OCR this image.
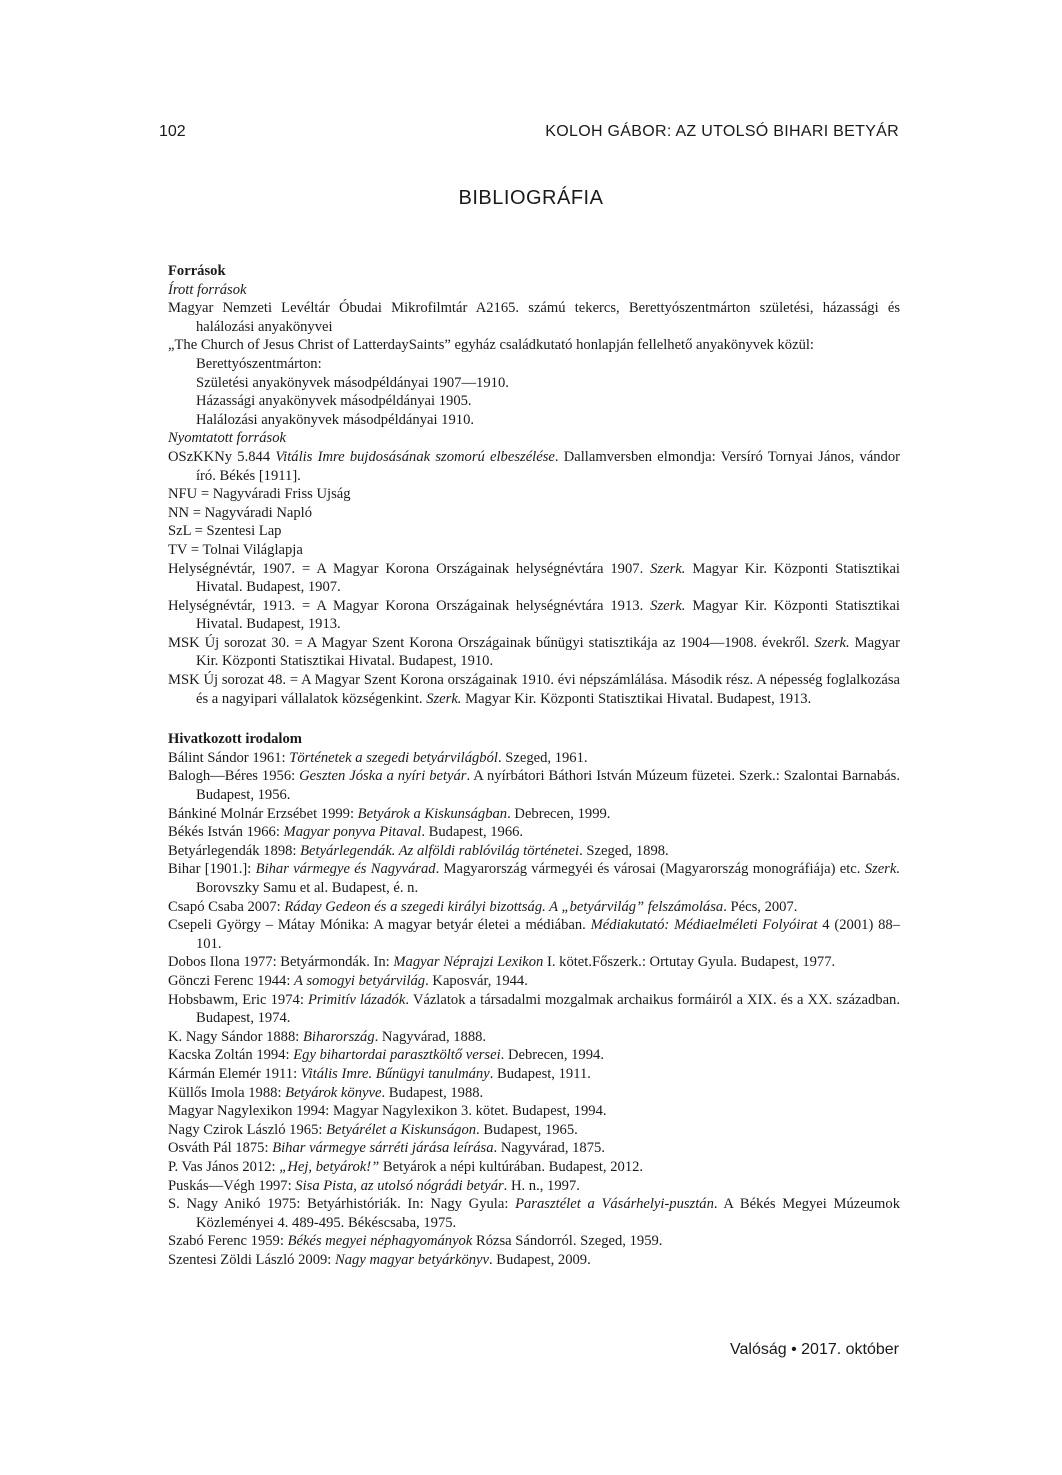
102	KOLOH GÁBOR: AZ UTOLSÓ BIHARI BETYÁR
BIBLIOGRÁFIA
Források
Írott források
Magyar Nemzeti Levéltár Óbudai Mikrofilmtár A2165. számú tekercs, Berettyószentmárton születési, házassági és halálozási anyakönyvei
„The Church of Jesus Christ of LatterdaySaints” egyház családkutató honlapján fellelhető anyakönyvek közül:
Berettyószentmárton:
Születési anyakönyvek másodpéldányai 1907—1910.
Házassági anyakönyvek másodpéldányai 1905.
Halálozási anyakönyvek másodpéldányai 1910.
Nyomtatott források
OSzKKNy 5.844 Vitális Imre bujdosásának szomorú elbeszélése. Dallamversben elmondja: Versíró Tornyai János, vándor író. Békés [1911].
NFU = Nagyváradi Friss Ujság
NN = Nagyváradi Napló
SzL = Szentesi Lap
TV = Tolnai Világlapja
Helységnévtár, 1907. = A Magyar Korona Országainak helységnévtára 1907. Szerk. Magyar Kir. Központi Statisztikai Hivatal. Budapest, 1907.
Helységnévtár, 1913. = A Magyar Korona Országainak helységnévtára 1913. Szerk. Magyar Kir. Központi Statisztikai Hivatal. Budapest, 1913.
MSK Új sorozat 30. = A Magyar Szent Korona Országainak bűnügyi statisztikája az 1904—1908. évekről. Szerk. Magyar Kir. Központi Statisztikai Hivatal. Budapest, 1910.
MSK Új sorozat 48. = A Magyar Szent Korona országainak 1910. évi népszámlálása. Második rész. A népesség foglalkozása és a nagyipari vállalatok községenkint. Szerk. Magyar Kir. Központi Statisztikai Hivatal. Budapest, 1913.
Hivatkozott irodalom
Bálint Sándor 1961: Történetek a szegedi betyárvilágból. Szeged, 1961.
Balogh—Béres 1956: Geszten Jóska a nyíri betyár. A nyírbátori Báthori István Múzeum füzetei. Szerk.: Szalontai Barnabás. Budapest, 1956.
Bánkiné Molnár Erzsébet 1999: Betyárok a Kiskunságban. Debrecen, 1999.
Békés István 1966: Magyar ponyva Pitaval. Budapest, 1966.
Betyárlegendák 1898: Betyárlegendák. Az alföldi rablóvilág történetei. Szeged, 1898.
Bihar [1901.]: Bihar vármegye és Nagyvárad. Magyarország vármegyéi és városai (Magyarország monográfiája) etc. Szerk. Borovszky Samu et al. Budapest, é. n.
Csapó Csaba 2007: Ráday Gedeon és a szegedi királyi bizottság. A „betyárvilág” felszámolása. Pécs, 2007.
Csepeli György – Mátay Mónika: A magyar betyár életei a médiában. Médiakutató: Médiaelméleti Folyóirat 4 (2001) 88–101.
Dobos Ilona 1977: Betyármondák. In: Magyar Néprajzi Lexikon I. kötet.Főszerk.: Ortutay Gyula. Budapest, 1977.
Gönczi Ferenc 1944: A somogyi betyárvilág. Kaposvár, 1944.
Hobsbawm, Eric 1974: Primitív lázadók. Vázlatok a társadalmi mozgalmak archaikus formáiról a XIX. és a XX. században. Budapest, 1974.
K. Nagy Sándor 1888: Biharország. Nagyvárad, 1888.
Kacska Zoltán 1994: Egy bihartordai parasztköltő versei. Debrecen, 1994.
Kármán Elemér 1911: Vitális Imre. Bűnügyi tanulmány. Budapest, 1911.
Küllős Imola 1988: Betyárok könyve. Budapest, 1988.
Magyar Nagylexikon 1994: Magyar Nagylexikon 3. kötet. Budapest, 1994.
Nagy Czirok László 1965: Betyárélet a Kiskunságon. Budapest, 1965.
Osváth Pál 1875: Bihar vármegye sárréti járása leírása. Nagyvárad, 1875.
P. Vas János 2012: „Hej, betyárok!” Betyárok a népi kultúrában. Budapest, 2012.
Puskás—Végh 1997: Sisa Pista, az utolsó nógrádi betyár. H. n., 1997.
S. Nagy Anikó 1975: Betyárhistóriák. In: Nagy Gyula: Parasztélet a Vásárhelyi-pusztán. A Békés Megyei Múzeumok Közleményei 4. 489-495. Békéscsaba, 1975.
Szabó Ferenc 1959: Békés megyei néphagyományok Rózsa Sándorról. Szeged, 1959.
Szentesi Zöldi László 2009: Nagy magyar betyárkönyv. Budapest, 2009.
Valóság • 2017. október
